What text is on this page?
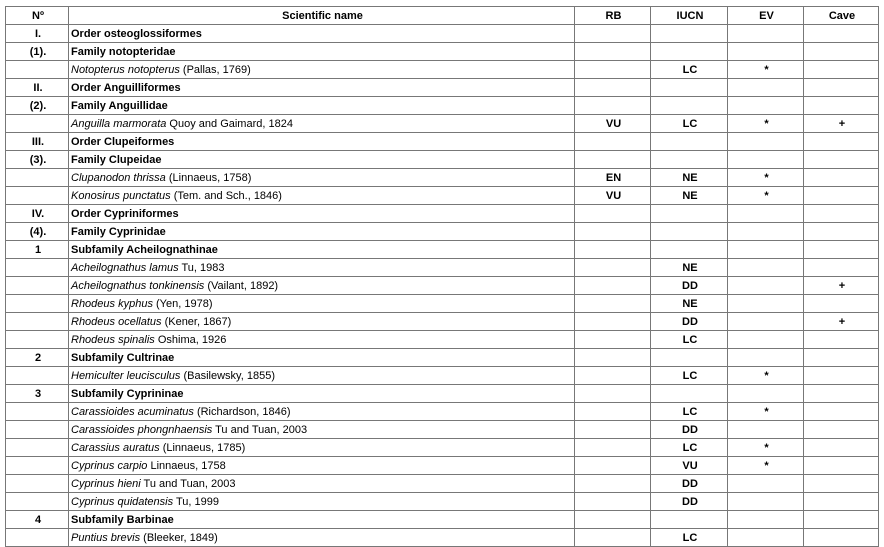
Nº	Scientific name	RB	IUCN	EV	Cave
I.	Order osteoglossiformes				
(1).	Family notopteridae				
	Notopterus notopterus (Pallas, 1769)		LC	*	
II.	Order Anguilliformes				
(2).	Family Anguillidae				
	Anguilla marmorata Quoy and Gaimard, 1824	VU	LC	*	+
III.	Order Clupeiformes				
(3).	Family Clupeidae				
	Clupanodon thrissa (Linnaeus, 1758)	EN	NE	*	
	Konosirus punctatus (Tem. and Sch., 1846)	VU	NE	*	
IV.	Order Cypriniformes				
(4).	Family Cyprinidae				
1	Subfamily Acheilognathinae				
	Acheilognathus lamus Tu, 1983		NE		
	Acheilognathus tonkinensis (Vailant, 1892)		DD		+
	Rhodeus kyphus (Yen, 1978)		NE		
	Rhodeus ocellatus (Kener, 1867)		DD		+
	Rhodeus spinalis Oshima, 1926		LC		
2	Subfamily Cultrinae				
	Hemiculter leucisculus (Basilewsky, 1855)		LC	*	
3	Subfamily Cyprininae				
	Carassioides acuminatus (Richardson, 1846)		LC	*	
	Carassioides phongnhaensis Tu and Tuan, 2003		DD		
	Carassius auratus (Linnaeus, 1785)		LC	*	
	Cyprinus carpio Linnaeus, 1758		VU	*	
	Cyprinus hieni Tu and Tuan, 2003		DD		
	Cyprinus quidatensis Tu, 1999		DD		
4	Subfamily Barbinae				
	Puntius brevis (Bleeker, 1849)		LC		
